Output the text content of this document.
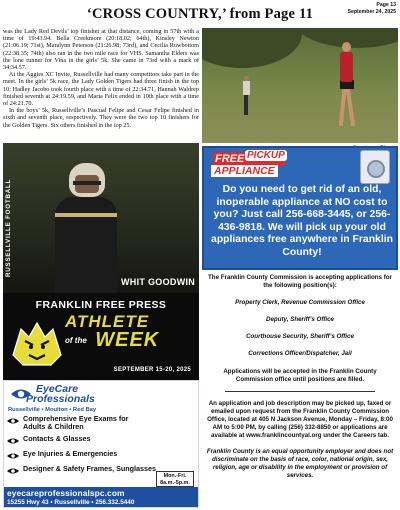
‘CROSS COUNTRY,’ from Page 11
Page 13
September 24, 2025

was the Lady Red Devils’ top finisher at that distance, coming in 57th with a time of 19:43.94. Bella Creekmore (20:18.02; 64th), Kinsley Newton (21:06.19; 71st), Maralynn Peterson (21:26.98; 73rd), and Cecilia Rowbottom (22:38.35; 74th) also ran in the two mile race for VHS. Samantha Elders was the lone runner for Vina in the girls’ 5k. She came in 73rd with a mark of 34:34.57.

At the Aggies XC Invite, Russellville had many competitors take part in the meet. In the girls’ 5k race, the Lady Golden Tigers had three finish in the top 10: Hadley Jacobo took fourth place with a time of 22:34.71, Hannah Waldrep finished seventh at 24:19.59, and Maria Felix ended in 10th place with a time of 24:21.70.

In the boys’ 5k, Russellville’s Pascual Felipe and Cesar Felipe finished in sixth and seventh place, respectively. They were the two top 10 finishers for the Golden Tigers. Six others finished in the top 25.

RUSSELLVILLE FOOTBALL
WHIT GOODWIN
FRANKLIN FREE PRESS
ATHLETE
of the WEEK
SEPTEMBER 15-20, 2025
EyeCare
Professionals
Russellville • Moulton • Red Bay
Comprehensive Eye Exams for Adults & Children
Contacts & Glasses
Eye Injuries & Emergencies
Designer & Safety Frames, Sunglasses
Mon.-Fri.
8a.m.-5p.m.
eyecareprofessionalspc.com
15255 Hwy 43 • Russellville • 256.332.5440
FREE PICKUP
APPLIANCE
Do you need to get rid of an old, inoperable appliance at NO cost to you? Just call 256-668-3445, or 256-436-9818. We will pick up your old appliances free anywhere in Franklin County!
The Franklin County Commission is accepting applications for the following position(s):
Property Clerk, Revenue Commission Office
Deputy, Sheriff’s Office
Courthouse Security, Sheriff’s Office
Corrections Officer/Dispatcher, Jail
Applications will be accepted in the Franklin County Commission office until positions are filled.
An application and job description may be picked up, faxed or emailed upon request from the Franklin County Commission Office, located at 405 N Jackson Avenue, Monday – Friday, 8:00 AM to 5:00 PM, by calling (256) 332-8850 or applications are available at www.franklincountyal.org under the Careers tab.
Franklin County is an equal opportunity employer and does not discriminate on the basis of race, color, national origin, sex, religion, age or disability in the employment or provision of services.
